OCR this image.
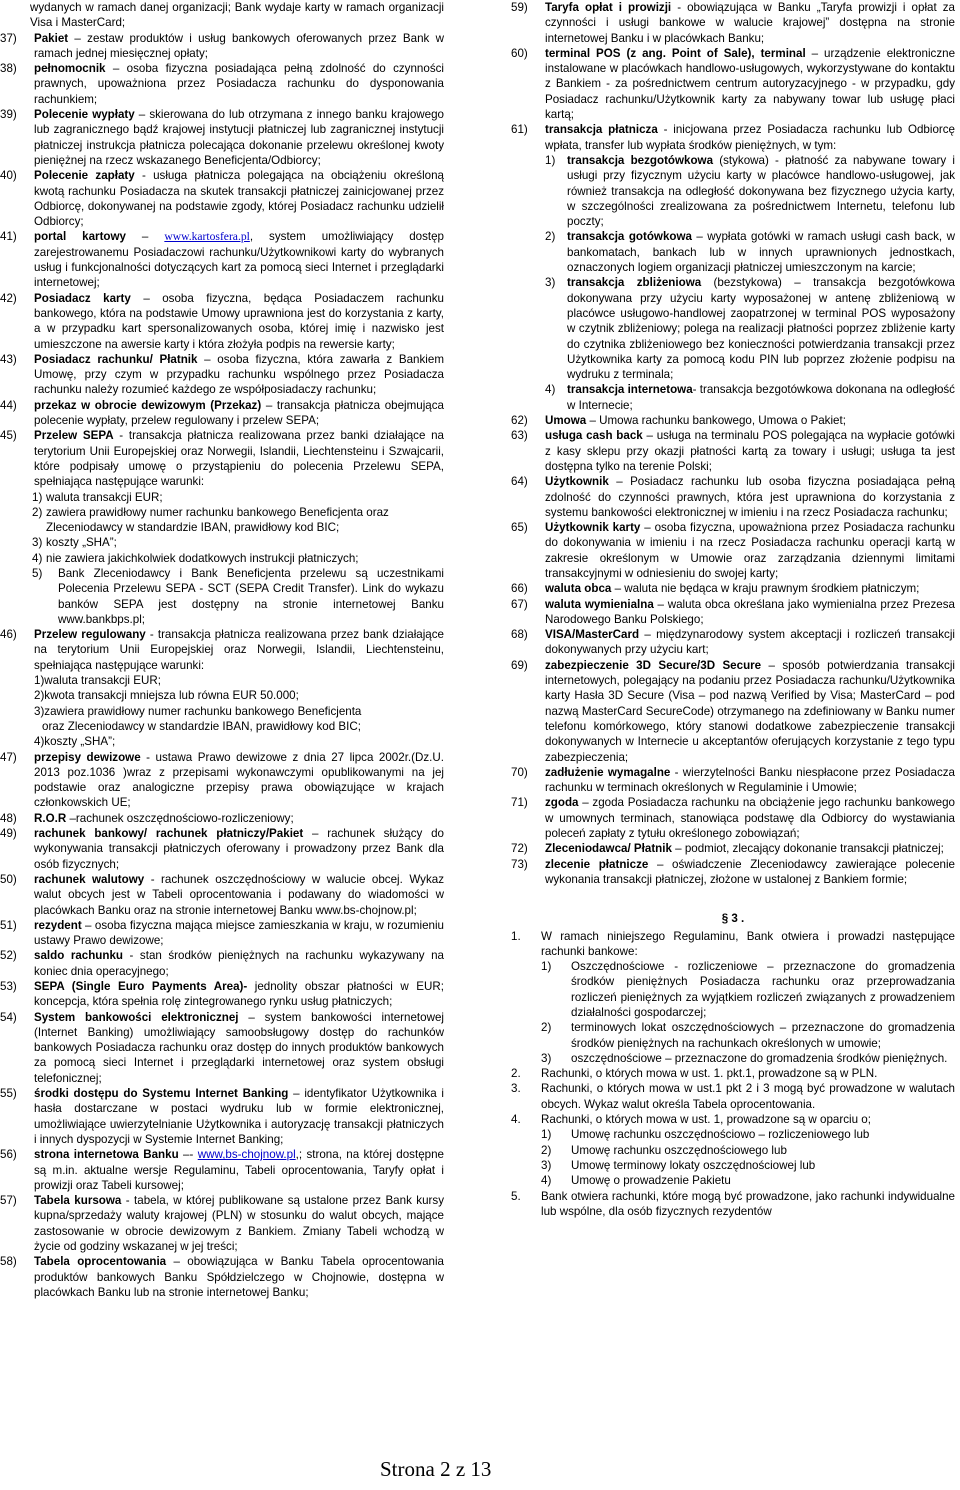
wydanych w ramach danej organizacji; Bank wydaje karty w ramach organizacji Visa i MasterCard;

37) Pakiet – zestaw produktów i usług bankowych oferowanych przez Bank w ramach jednej miesięcznej opłaty;

38) pełnomocnik – osoba fizyczna posiadająca pełną zdolność do czynności prawnych, upoważniona przez Posiadacza rachunku do dysponowania rachunkiem;

39) Polecenie wypłaty – skierowana do lub otrzymana z innego banku krajowego lub zagranicznego bądź krajowej instytucji płatniczej lub zagranicznej instytucji płatniczej instrukcja płatnicza polecająca dokonanie przelewu określonej kwoty pieniężnej na rzecz wskazanego Beneficjenta/Odbiorcy;

40) Polecenie zapłaty - usługa płatnicza polegająca na obciążeniu określoną kwotą rachunku Posiadacza na skutek transakcji płatniczej zainicjowanej przez Odbiorcę, dokonywanej na podstawie zgody, której Posiadacz rachunku udzielił Odbiorcy;

41) portal kartowy – www.kartosfera.pl, system umożliwiający dostęp zarejestrowanemu Posiadaczowi rachunku/Użytkownikowi karty do wybranych usług i funkcjonalności dotyczących kart za pomocą sieci Internet i przeglądarki internetowej;

42) Posiadacz karty – osoba fizyczna, będąca Posiadaczem rachunku bankowego, która na podstawie Umowy uprawniona jest do korzystania z karty, a w przypadku kart spersonalizowanych osoba, której imię i nazwisko jest umieszczone na awersie karty i która złożyła podpis na rewersie karty;

43) Posiadacz rachunku/ Płatnik – osoba fizyczna, która zawarła z Bankiem Umowę, przy czym w przypadku rachunku wspólnego przez Posiadacza rachunku należy rozumieć każdego ze współposiadaczy rachunku;

44) przekaz w obrocie dewizowym (Przekaz) – transakcja płatnicza obejmująca polecenie wypłaty, przelew regulowany i przelew SEPA;

45) Przelew SEPA - transakcja płatnicza realizowana przez banki działające na terytorium Unii Europejskiej oraz Norwegii, Islandii, Liechtensteinu i Szwajcarii, które podpisały umowę o przystąpieniu do polecenia Przelewu SEPA, spełniająca następujące warunki:

1) waluta transakcji EUR;

2) zawiera prawidłowy numer rachunku bankowego Beneficjenta oraz Zleceniodawcy w standardzie IBAN, prawidłowy kod BIC;

3) koszty „SHA”;

4) nie zawiera jakichkolwiek dodatkowych instrukcji płatniczych;

5) Bank Zleceniodawcy i Bank Beneficjenta przelewu są uczestnikami Polecenia Przelewu SEPA - SCT (SEPA Credit Transfer). Link do wykazu banków SEPA jest dostępny na stronie internetowej Banku www.bankbps.pl;

46) Przelew regulowany - transakcja płatnicza realizowana przez bank działające na terytorium Unii Europejskiej oraz Norwegii, Islandii, Liechtensteinu, spełniająca następujące warunki:

1)waluta transakcji EUR;

2)kwota transakcji mniejsza lub równa EUR 50.000;

3)zawiera prawidłowy numer rachunku bankowego Beneficjenta

oraz Zleceniodawcy w standardzie IBAN, prawidłowy kod BIC;

4)koszty „SHA”;

47) przepisy dewizowe - ustawa Prawo dewizowe z dnia 27 lipca 2002r.(Dz.U. 2013 poz.1036 )wraz z przepisami wykonawczymi opublikowanymi na jej podstawie oraz analogiczne przepisy prawa obowiązujące w krajach członkowskich UE;

48) R.O.R –rachunek oszczędnościowo-rozliczeniowy;

49) rachunek bankowy/ rachunek płatniczy/Pakiet – rachunek służący do wykonywania transakcji płatniczych oferowany i prowadzony przez Bank dla osób fizycznych;

50) rachunek walutowy - rachunek oszczędnościowy w walucie obcej. Wykaz walut obcych jest w Tabeli oprocentowania i podawany do wiadomości w placówkach Banku oraz na stronie internetowej Banku www.bs-chojnow.pl;

51) rezydent – osoba fizyczna mająca miejsce zamieszkania w kraju, w rozumieniu ustawy Prawo dewizowe;

52) saldo rachunku - stan środków pieniężnych na rachunku wykazywany na koniec dnia operacyjnego;

53) SEPA (Single Euro Payments Area)- jednolity obszar płatności w EUR; koncepcja, która spełnia rolę zintegrowanego rynku usług płatniczych;

54) System bankowości elektronicznej – system bankowości internetowej (Internet Banking) umożliwiający samoobsługowy dostęp do rachunków bankowych Posiadacza rachunku oraz dostęp do innych produktów bankowych za pomocą sieci Internet i przeglądarki internetowej oraz system obsługi telefonicznej;

55) środki dostępu do Systemu Internet Banking – identyfikator Użytkownika i hasła dostarczane w postaci wydruku lub w formie elektronicznej, umożliwiające uwierzytelnianie Użytkownika i autoryzację transakcji płatniczych i innych dyspozycji w Systemie Internet Banking;

56) strona internetowa Banku –- www,bs-chojnow.pl,; strona, na której dostępne są m.in. aktualne wersje Regulaminu, Tabeli oprocentowania, Taryfy opłat i prowizji oraz Tabeli kursowej;

57) Tabela kursowa - tabela, w której publikowane są ustalone przez Bank kursy kupna/sprzedaży waluty krajowej (PLN) w stosunku do walut obcych, mające zastosowanie w obrocie dewizowym z Bankiem. Zmiany Tabeli wchodzą w życie od godziny wskazanej w jej treści;

58) Tabela oprocentowania – obowiązująca w Banku Tabela oprocentowania produktów bankowych Banku Spółdzielczego w Chojnowie, dostępna w placówkach Banku lub na stronie internetowej Banku;

59) Taryfa opłat i prowizji - obowiązująca w Banku „Taryfa prowizji i opłat za czynności i usługi bankowe w walucie krajowej” dostępna na stronie internetowej Banku i w placówkach Banku;

60) terminal POS (z ang. Point of Sale), terminal – urządzenie elektroniczne instalowane w placówkach handlowo-usługowych, wykorzystywane do kontaktu z Bankiem - za pośrednictwem centrum autoryzacyjnego - w przypadku, gdy Posiadacz rachunku/Użytkownik karty za nabywany towar lub usługę płaci kartą;

61) transakcja płatnicza - inicjowana przez Posiadacza rachunku lub Odbiorcę wpłata, transfer lub wypłata środków pieniężnych, w tym:

1) transakcja bezgotówkowa (stykowa) - płatność za nabywane towary i usługi przy fizycznym użyciu karty w placówce handlowo-usługowej, jak również transakcja na odległość dokonywana bez fizycznego użycia karty, w szczególności zrealizowana za pośrednictwem Internetu, telefonu lub poczty;

2) transakcja gotówkowa – wypłata gotówki w ramach usługi cash back, w bankomatach, bankach lub w innych uprawnionych jednostkach, oznaczonych logiem organizacji płatniczej umieszczonym na karcie;

3) transakcja zbliżeniowa (bezstykowa) – transakcja bezgotówkowa dokonywana przy użyciu karty wyposażonej w antenę zbliżeniową w placówce usługowo-handlowej zaopatrzonej w terminal POS wyposażony w czytnik zbliżeniowy; polega na realizacji płatności poprzez zbliżenie karty do czytnika zbliżeniowego bez konieczności potwierdzania transakcji przez Użytkownika karty za pomocą kodu PIN lub poprzez złożenie podpisu na wydruku z terminala;

4) transakcja internetowa- transakcja bezgotówkowa dokonana na odległość w Internecie;

62) Umowa – Umowa rachunku bankowego, Umowa o Pakiet;

63) usługa cash back – usługa na terminalu POS polegająca na wypłacie gotówki z kasy sklepu przy okazji płatności kartą za towary i usługi; usługa ta jest dostępna tylko na terenie Polski;

64) Użytkownik – Posiadacz rachunku lub osoba fizyczna posiadająca pełną zdolność do czynności prawnych, która jest uprawniona do korzystania z systemu bankowości elektronicznej w imieniu i na rzecz Posiadacza rachunku;

65) Użytkownik karty – osoba fizyczna, upoważniona przez Posiadacza rachunku do dokonywania w imieniu i na rzecz Posiadacza rachunku operacji kartą w zakresie określonym w Umowie oraz zarządzania dziennymi limitami transakcyjnymi w odniesieniu do swojej karty;

66) waluta obca – waluta nie będąca w kraju prawnym środkiem płatniczym;

67) waluta wymienialna – waluta obca określana jako wymienialna przez Prezesa Narodowego Banku Polskiego;

68) VISA/MasterCard – międzynarodowy system akceptacji i rozliczeń transakcji dokonywanych przy użyciu kart;

69) zabezpieczenie 3D Secure/3D Secure – sposób potwierdzania transakcji internetowych, polegający na podaniu przez Posiadacza rachunku/Użytkownika karty Hasła 3D Secure (Visa – pod nazwą Verified by Visa; MasterCard – pod nazwą MasterCard SecureCode) otrzymanego na zdefiniowany w Banku numer telefonu komórkowego, który stanowi dodatkowe zabezpieczenie transakcji dokonywanych w Internecie u akceptantów oferujących korzystanie z tego typu zabezpieczenia;

70) zadłużenie wymagalne - wierzytelności Banku niespłacone przez Posiadacza rachunku w terminach określonych w Regulaminie i Umowie;

71) zgoda – zgoda Posiadacza rachunku na obciążenie jego rachunku bankowego w umownych terminach, stanowiąca podstawę dla Odbiorcy do wystawiania poleceń zapłaty z tytułu określonego zobowiązań;

72) Zleceniodawca/ Płatnik – podmiot, zlecający dokonanie transakcji płatniczej;

73) zlecenie płatnicze – oświadczenie Zleceniodawcy zawierające polecenie wykonania transakcji płatniczej, złożone w ustalonej z Bankiem formie;

§ 3 .

1. W ramach niniejszego Regulaminu, Bank otwiera i prowadzi następujące rachunki bankowe:

1) Oszczędnościowe - rozliczeniowe – przeznaczone do gromadzenia środków pieniężnych Posiadacza rachunku oraz przeprowadzania rozliczeń pieniężnych za wyjątkiem rozliczeń związanych z prowadzeniem działalności gospodarczej;

2) terminowych lokat oszczędnościowych – przeznaczone do gromadzenia środków pieniężnych na rachunkach określonych w umowie;

3) oszczędnościowe – przeznaczone do gromadzenia środków pieniężnych.

2. Rachunki, o których mowa w ust. 1. pkt.1, prowadzone są w PLN.

3. Rachunki, o których mowa w ust.1 pkt 2 i 3 mogą być prowadzone w walutach obcych. Wykaz walut określa Tabela oprocentowania.

4. Rachunki, o których mowa w ust. 1, prowadzone są w oparciu o;

1) Umowę rachunku oszczędnościowo – rozliczeniowego lub

2) Umowę rachunku oszczędnościowego lub

3) Umowę terminowy lokaty oszczędnościowej lub

4) Umowę o prowadzenie Pakietu

5. Bank otwiera rachunki, które mogą być prowadzone, jako rachunki indywidualne lub wspólne, dla osób fizycznych rezydentów

Strona 2 z 13
